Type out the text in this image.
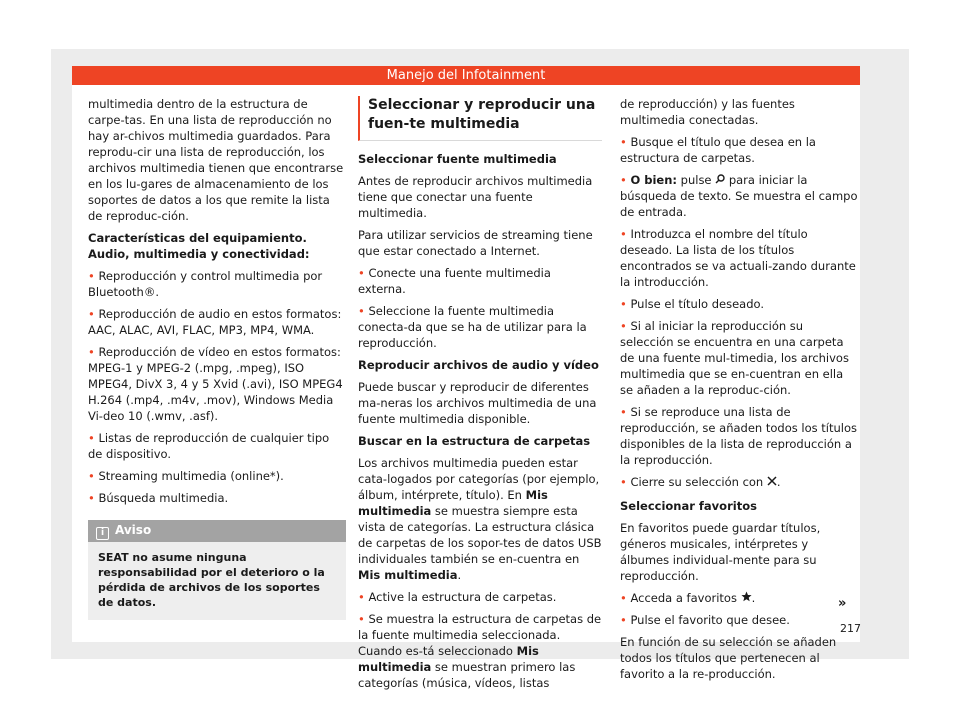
Manejo del Infotainment

multimedia dentro de la estructura de carpe-tas. En una lista de reproducción no hay ar-chivos multimedia guardados. Para reprodu-cir una lista de reproducción, los archivos multimedia tienen que encontrarse en los lu-gares de almacenamiento de los soportes de datos a los que remite la lista de reproduc-ción.

Características del equipamiento. Audio, multimedia y conectividad:

• Reproducción y control multimedia por Bluetooth®.

• Reproducción de audio en estos formatos: AAC, ALAC, AVI, FLAC, MP3, MP4, WMA.

• Reproducción de vídeo en estos formatos: MPEG-1 y MPEG-2 (.mpg, .mpeg), ISO MPEG4, DivX 3, 4 y 5 Xvid (.avi), ISO MPEG4 H.264 (.mp4, .m4v, .mov), Windows Media Vi-deo 10 (.wmv, .asf).

• Listas de reproducción de cualquier tipo de dispositivo.

• Streaming multimedia (online*).

• Búsqueda multimedia.

i Aviso
SEAT no asume ninguna responsabilidad por el deterioro o la pérdida de archivos de los soportes de datos.
Seleccionar y reproducir una fuen-te multimedia

Seleccionar fuente multimedia

Antes de reproducir archivos multimedia tiene que conectar una fuente multimedia.

Para utilizar servicios de streaming tiene que estar conectado a Internet.

• Conecte una fuente multimedia externa.

• Seleccione la fuente multimedia conecta-da que se ha de utilizar para la reproducción.

Reproducir archivos de audio y vídeo

Puede buscar y reproducir de diferentes ma-neras los archivos multimedia de una fuente multimedia disponible.

Buscar en la estructura de carpetas

Los archivos multimedia pueden estar cata-logados por categorías (por ejemplo, álbum, intérprete, título). En Mis multimedia se muestra siempre esta vista de categorías. La estructura clásica de carpetas de los sopor-tes de datos USB individuales también se en-cuentra en Mis multimedia.

• Active la estructura de carpetas.

• Se muestra la estructura de carpetas de la fuente multimedia seleccionada. Cuando es-tá seleccionado Mis multimedia se muestran primero las categorías (música, vídeos, listas

de reproducción) y las fuentes multimedia conectadas.

• Busque el título que desea en la estructura de carpetas.

• O bien: pulse  para iniciar la búsqueda de texto. Se muestra el campo de entrada.

• Introduzca el nombre del título deseado. La lista de los títulos encontrados se va actuali-zando durante la introducción.

• Pulse el título deseado.

• Si al iniciar la reproducción su selección se encuentra en una carpeta de una fuente mul-timedia, los archivos multimedia que se en-cuentran en ella se añaden a la reproduc-ción.

• Si se reproduce una lista de reproducción, se añaden todos los títulos disponibles de la lista de reproducción a la reproducción.

• Cierre su selección con .

Seleccionar favoritos

En favoritos puede guardar títulos, géneros musicales, intérpretes y álbumes individual-mente para su reproducción.

• Acceda a favoritos .

• Pulse el favorito que desee.

En función de su selección se añaden todos los títulos que pertenecen al favorito a la re-producción.

»
217
